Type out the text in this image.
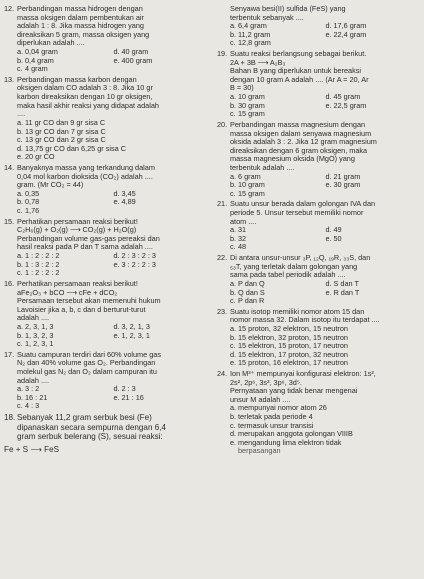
12. Perbandingan massa hidrogen dengan
massa oksigen dalam pembentukan air
adalah 1 : 8. Jika massa hidrogen yang
direaksikan 5 gram, massa oksigen yang
diperlukan adalah ....
a. 0,04 gram	d. 40 gram
b. 0,4 gram	e. 400 gram
c. 4 gram
13. Perbandingan massa karbon dengan
oksigen dalam CO adalah 3 : 8. Jika 10 gr
karbon direaksikan dengan 10 gr oksigen,
maka hasil akhir reaksi yang didapat adalah
....
a. 11 gr CO dan 9 gr sisa C
b. 13 gr CO dan 7 gr sisa C
c. 13 gr CO dan 2 gr sisa C
d. 13,75 gr CO dan 6,25 gr sisa C
e. 20 gr CO
14. Banyaknya massa yang terkandung dalam
0,04 mol karbon dioksida (CO₂) adalah ....
gram. (Mr CO₂ = 44)
a. 0,35	d. 3,45
b. 0,78	e. 4,89
c. 1,76
15. Perhatikan persamaan reaksi berikut!
C₂H₆(g) + O₂(g) ⟶ CO₂(g) + H₂O(g)
Perbandingan volume gas-gas pereaksi dan
hasil reaksi pada P dan T sama adalah ....
a. 1 : 2 : 2 : 2	d. 2 : 3 : 2 : 3
b. 1 : 3 : 2 : 2	e. 3 : 2 : 2 : 3
c. 1 : 2 : 2 : 2
16. Perhatikan persamaan reaksi berikut!
aFe₂O₃ + bCO ⟶ cFe + dCO₂
Persamaan tersebut akan memenuhi hukum
Lavoisier jika a, b, c dan d berturut-turut
adalah ....
a. 2, 3, 1, 3	d. 3, 2, 1, 3
b. 1, 3, 2, 3	e. 1, 2, 3, 1
c. 1, 2, 3, 1
17. Suatu campuran terdiri dari 60% volume gas
N₂ dan 40% volume gas O₂. Perbandingan
molekul gas N₂ dan O₂ dalam campuran itu
adalah ....
a. 3 : 2	d. 2 : 3
b. 16 : 21	e. 21 : 16
c. 4 : 3
18. Sebanyak 11,2 gram serbuk besi (Fe)
dipanaskan secara sempurna dengan 6,4
gram serbuk belerang (S), sesuai reaksi:
Fe + S ⟶ FeS
Senyawa besi(II) sulfida (FeS) yang
terbentuk sebanyak ....
a. 6,4 gram	d. 17,6 gram
b. 11,2 gram	e. 22,4 gram
c. 12,8 gram
19. Suatu reaksi berlangsung sebagai berikut.
2A + 3B ⟶ A₂B₃
Bahan B yang diperlukan untuk bereaksi
dengan 10 gram A adalah .... (Ar A = 20, Ar
B = 30)
a. 10 gram	d. 45 gram
b. 30 gram	e. 22,5 gram
c. 15 gram
20. Perbandingan massa magnesium dengan
massa oksigen dalam senyawa magnesium
oksida adalah 3 : 2. Jika 12 gram magnesium
direaksikan dengan 6 gram oksigen, maka
massa magnesium oksida (MgO) yang
terbentuk adalah ....
a. 6 gram	d. 21 gram
b. 10 gram	e. 30 gram
c. 15 gram
21. Suatu unsur berada dalam golongan IVA dan
periode 5. Unsur tersebut memiliki nomor
atom ....
a. 31	d. 49
b. 32	e. 50
c. 48
22. Di antara unsur-unsur ₃P, ₁₂Q, ₁₉R, ₃₃S, dan
₅₃T, yang terletak dalam golongan yang
sama pada tabel periodik adalah ....
a. P dan Q	d. S dan T
b. Q dan S	e. R dan T
c. P dan R
23. Suatu isotop memiliki nomor atom 15 dan
nomor massa 32. Dalam isotop itu terdapat ....
a. 15 proton, 32 elektron, 15 neutron
b. 15 elektron, 32 proton, 15 neutron
c. 15 elektron, 15 proton, 17 neutron
d. 15 elektron, 17 proton, 32 neutron
e. 15 proton, 16 elektron, 17 neutron
24. Ion M³⁺ mempunyai konfigurasi elektron: 1s²,
2s², 2p⁶, 3s², 3p⁶, 3d⁵.
Pernyataan yang tidak benar mengenai
unsur M adalah ....
a. mempunyai nomor atom 26
b. terletak pada periode 4
c. termasuk unsur transisi
d. merupakan anggota golongan VIIIB
e. mengandung lima elektron tidak
berpasangan
